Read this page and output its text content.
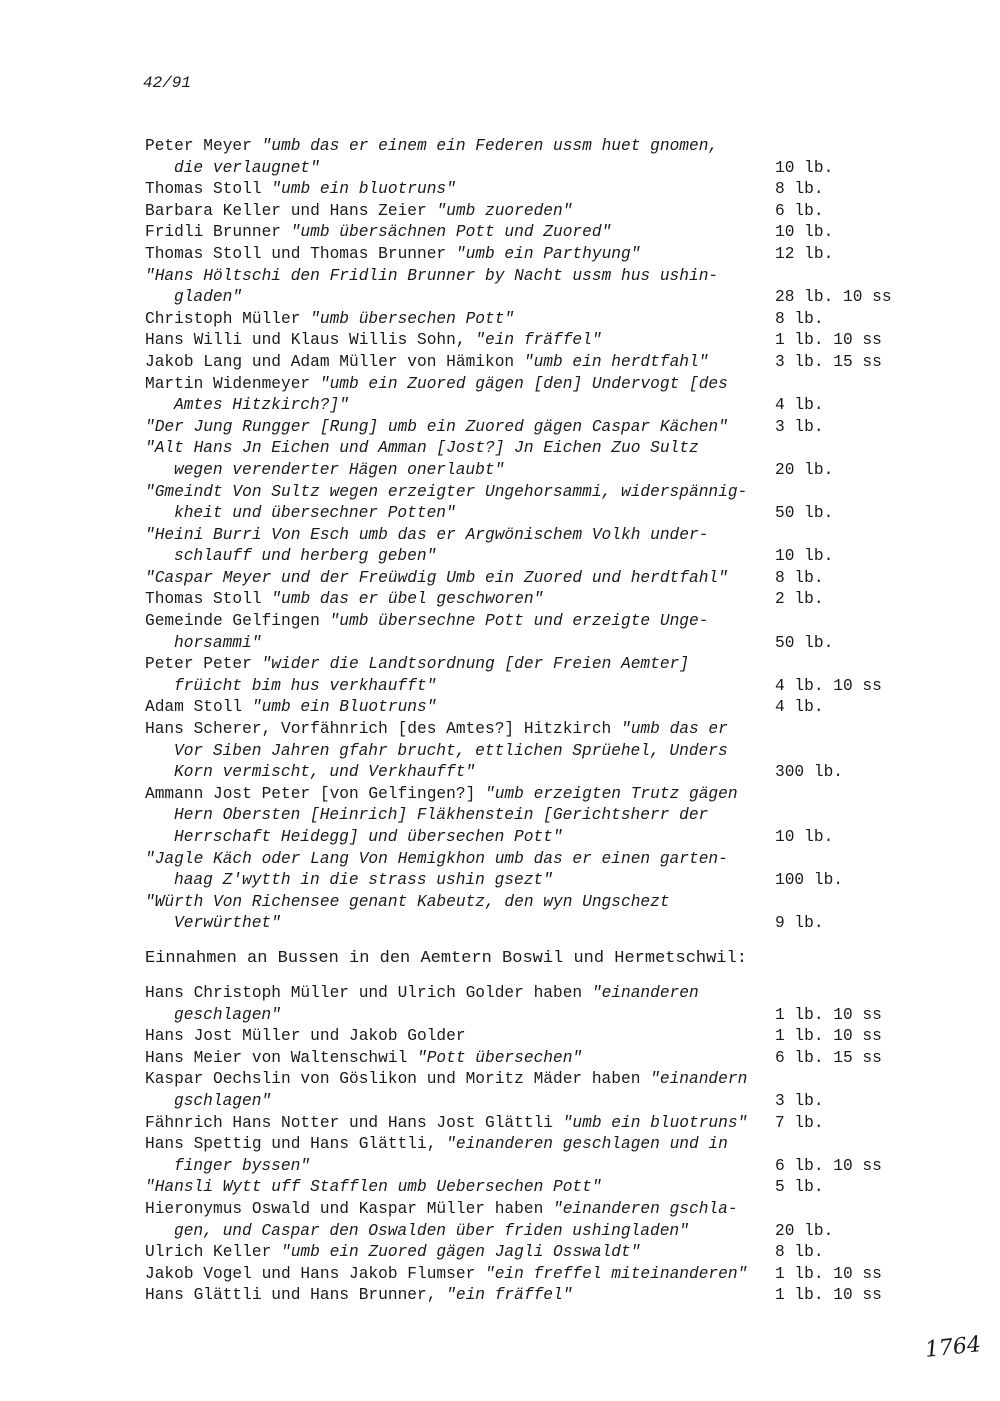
42/91
Peter Meyer "umb das er einem ein Federen ussm huet gnomen,
die verlaugnet"	10 lb.
Thomas Stoll "umb ein bluotruns"	8 lb.
Barbara Keller und Hans Zeier "umb zuoreden"	6 lb.
Fridli Brunner "umb übersächnen Pott und Zuored"	10 lb.
Thomas Stoll und Thomas Brunner "umb ein Parthyung"	12 lb.
"Hans Höltschi den Fridlin Brunner by Nacht ussm hus ushin-
gladen"	28 lb. 10 ss
Christoph Müller "umb übersechen Pott"	8 lb.
Hans Willi und Klaus Willis Sohn, "ein fräffel"	1 lb. 10 ss
Jakob Lang und Adam Müller von Hämikon "umb ein herdtfahl"	3 lb. 15 ss
Martin Widenmeyer "umb ein Zuored gägen [den] Undervogt [des
Amtes Hitzkirch?]"	4 lb.
"Der Jung Rungger [Rung] umb ein Zuored gägen Caspar Kächen"	3 lb.
"Alt Hans Jn Eichen und Amman [Jost?] Jn Eichen Zuo Sultz
wegen verenderter Hägen onerlaubt"	20 lb.
"Gmeindt Von Sultz wegen erzeigter Ungehorsammi, widerspännig-
kheit und übersechner Potten"	50 lb.
"Heini Burri Von Esch umb das er Argwönischem Volkh under-
schlauff und herberg geben"	10 lb.
"Caspar Meyer und der Freüwdig Umb ein Zuored und herdtfahl"	8 lb.
Thomas Stoll "umb das er übel geschworen"	2 lb.
Gemeinde Gelfingen "umb übersechne Pott und erzeigte Unge-
horsammi"	50 lb.
Peter Peter "wider die Landtsordnung [der Freien Aemter]
früicht bim hus verkhaufft"	4 lb. 10 ss
Adam Stoll "umb ein Bluotruns"	4 lb.
Hans Scherer, Vorfähnrich [des Amtes?] Hitzkirch "umb das er
Vor Siben Jahren gfahr brucht, ettlichen Sprüehel, Unders
Korn vermischt, und Verkhaufft"	300 lb.
Ammann Jost Peter [von Gelfingen?] "umb erzeigten Trutz gägen
Hern Obersten [Heinrich] Fläkhenstein [Gerichtsherr der
Herrschaft Heidegg] und übersechen Pott"	10 lb.
"Jagle Käch oder Lang Von Hemigkhon umb das er einen garten-
haag Z'wytth in die strass ushin gsezt"	100 lb.
"Würth Von Richensee genant Kabeutz, den wyn Ungschezt
Verwürthet"	9 lb.
Einnahmen an Bussen in den Aemtern Boswil und Hermetschwil:
Hans Christoph Müller und Ulrich Golder haben "einanderen
geschlagen"	1 lb. 10 ss
Hans Jost Müller und Jakob Golder	1 lb. 10 ss
Hans Meier von Waltenschwil "Pott übersechen"	6 lb. 15 ss
Kaspar Oechslin von Göslikon und Moritz Mäder haben "einandern
gschlagen"	3 lb.
Fähnrich Hans Notter und Hans Jost Glättli "umb ein bluotruns"	7 lb.
Hans Spettig und Hans Glättli, "einanderen geschlagen und in
finger byssen"	6 lb. 10 ss
"Hansli Wytt uff Stafflen umb Uebersechen Pott"	5 lb.
Hieronymus Oswald und Kaspar Müller haben "einanderen gschla-
gen, und Caspar den Oswalden über friden ushingladen"	20 lb.
Ulrich Keller "umb ein Zuored gägen Jagli Osswaldt"	8 lb.
Jakob Vogel und Hans Jakob Flumser "ein freffel miteinanderen"	1 lb. 10 ss
Hans Glättli und Hans Brunner, "ein fräffel"	1 lb. 10 ss
1764
